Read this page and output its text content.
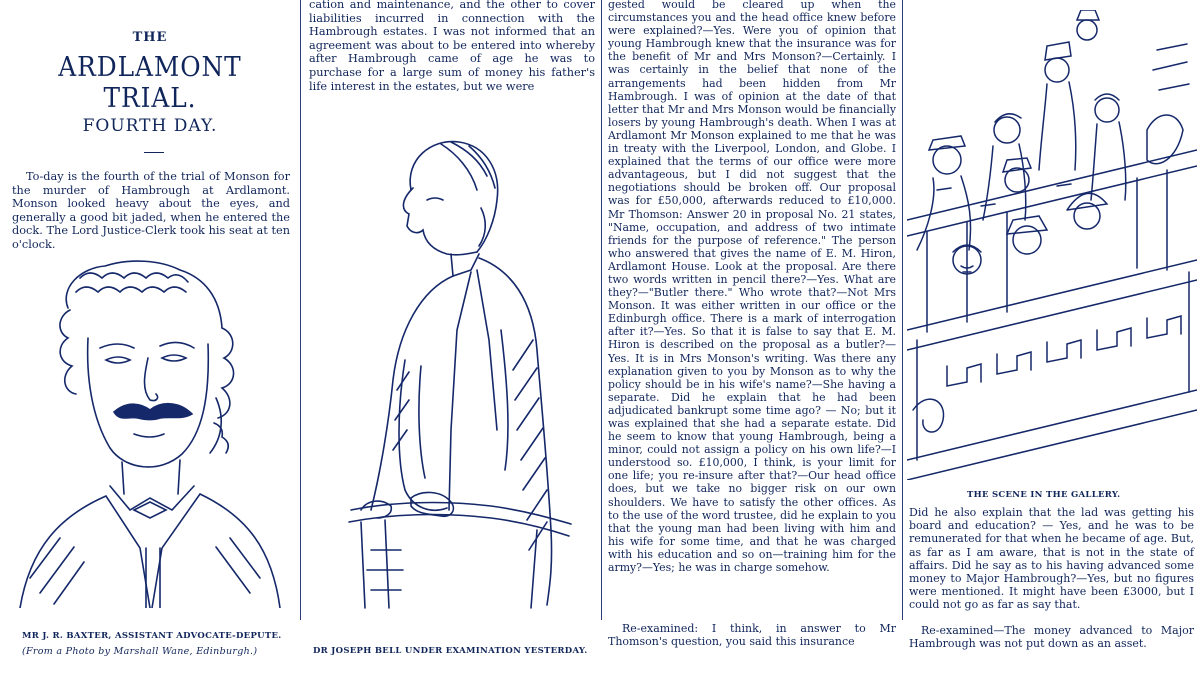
THE
ARDLAMONT TRIAL.
FOURTH DAY.

To-day is the fourth of the trial of Monson for the murder of Hambrough at Ardlamont. Monson looked heavy about the eyes, and generally a good bit jaded, when he entered the dock. The Lord Justice-Clerk took his seat at ten o'clock.

MR J. R. BAXTER, ASSISTANT ADVOCATE-DEPUTE.
(From a Photo by Marshall Wane, Edinburgh.)

cation and maintenance, and the other to cover liabilities incurred in connection with the Hambrough estates. I was not informed that an agreement was about to be entered into whereby after Hambrough came of age he was to purchase for a large sum of money his father's life interest in the estates, but we were

DR JOSEPH BELL UNDER EXAMINATION YESTERDAY.

gested would be cleared up when the circumstances you and the head office knew before were explained?—Yes. Were you of opinion that young Hambrough knew that the insurance was for the benefit of Mr and Mrs Monson?—Certainly. I was certainly in the belief that none of the arrangements had been hidden from Mr Hambrough. I was of opinion at the date of that letter that Mr and Mrs Monson would be financially losers by young Hambrough's death. When I was at Ardlamont Mr Monson explained to me that he was in treaty with the Liverpool, London, and Globe. I explained that the terms of our office were more advantageous, but I did not suggest that the negotiations should be broken off. Our proposal was for £50,000, afterwards reduced to £10,000. Mr Thomson: Answer 20 in proposal No. 21 states, "Name, occupation, and address of two intimate friends for the purpose of reference." The person who answered that gives the name of E. M. Hiron, Ardlamont House. Look at the proposal. Are there two words written in pencil there?—Yes. What are they?—"Butler there." Who wrote that?—Not Mrs Monson. It was either written in our office or the Edinburgh office. There is a mark of interrogation after it?—Yes. So that it is false to say that E. M. Hiron is described on the proposal as a butler?—Yes. It is in Mrs Monson's writing. Was there any explanation given to you by Monson as to why the policy should be in his wife's name?—She having a separate. Did he explain that he had been adjudicated bankrupt some time ago? — No; but it was explained that she had a separate estate. Did he seem to know that young Hambrough, being a minor, could not assign a policy on his own life?—I understood so. £10,000, I think, is your limit for one life; you re-insure after that?—Our head office does, but we take no bigger risk on our own shoulders. We have to satisfy the other offices. As to the use of the word trustee, did he explain to you that the young man had been living with him and his wife for some time, and that he was charged with his education and so on—training him for the army?—Yes; he was in charge somehow.

Re-examined: I think, in answer to Mr Thomson's question, you said this insurance

THE SCENE IN THE GALLERY.

Did he also explain that the lad was getting his board and education? — Yes, and he was to be remunerated for that when he became of age. But, as far as I am aware, that is not in the state of affairs. Did he say as to his having advanced some money to Major Hambrough?—Yes, but no figures were mentioned. It might have been £3000, but I could not go as far as say that.

Re-examined—The money advanced to Major Hambrough was not put down as an asset.
